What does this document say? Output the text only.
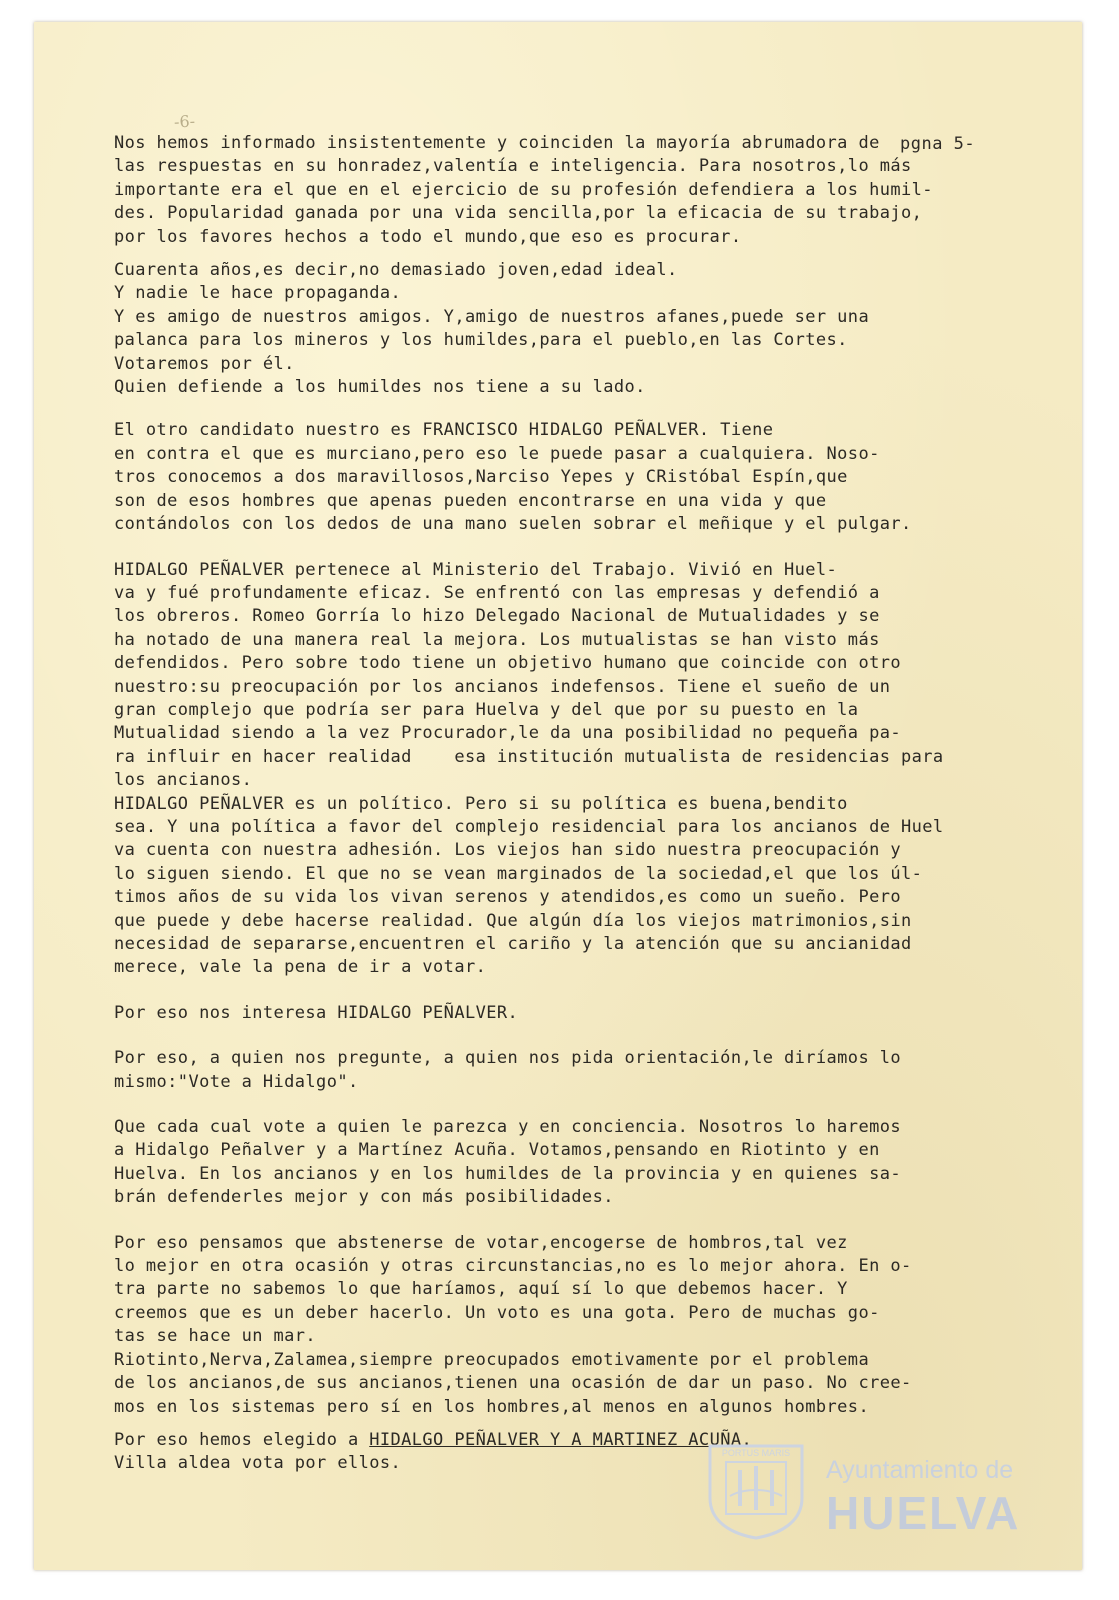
-6-
pgna 5-
Nos hemos informado insistentemente y coinciden la mayoría abrumadora de
las respuestas en su honradez,valentía e inteligencia. Para nosotros,lo más
importante era el que en el ejercicio de su profesión defendiera a los humil-
des. Popularidad ganada por una vida sencilla,por la eficacia de su trabajo,
por los favores hechos a todo el mundo,que eso es procurar.
Cuarenta años,es decir,no demasiado joven,edad ideal.
Y nadie le hace propaganda.
Y es amigo de nuestros amigos. Y,amigo de nuestros afanes,puede ser una
palanca para los mineros y los humildes,para el pueblo,en las Cortes.
Votaremos por él.
Quien defiende a los humildes nos tiene a su lado.
El otro candidato nuestro es FRANCISCO HIDALGO PEÑALVER. Tiene
en contra el que es murciano,pero eso le puede pasar a cualquiera. Noso-
tros conocemos a dos maravillosos,Narciso Yepes y CRistóbal Espín,que
son de esos hombres que apenas pueden encontrarse en una vida y que
contándolos con los dedos de una mano suelen sobrar el meñique y el pulgar.
HIDALGO PEÑALVER pertenece al Ministerio del Trabajo. Vivió en Huel-
va y fué profundamente eficaz. Se enfrentó con las empresas y defendió a
los obreros. Romeo Gorría lo hizo Delegado Nacional de Mutualidades y se
ha notado de una manera real la mejora. Los mutualistas se han visto más
defendidos. Pero sobre todo tiene un objetivo humano que coincide con otro
nuestro:su preocupación por los ancianos indefensos. Tiene el sueño de un
gran complejo que podría ser para Huelva y del que por su puesto en la
Mutualidad siendo a la vez Procurador,le da una posibilidad no pequeña pa-
ra influir en hacer realidad    esa institución mutualista de residencias para
los ancianos.
HIDALGO PEÑALVER es un político. Pero si su política es buena,bendito
sea. Y una política a favor del complejo residencial para los ancianos de Huel
va cuenta con nuestra adhesión. Los viejos han sido nuestra preocupación y
lo siguen siendo. El que no se vean marginados de la sociedad,el que los úl-
timos años de su vida los vivan serenos y atendidos,es como un sueño. Pero
que puede y debe hacerse realidad. Que algún día los viejos matrimonios,sin
necesidad de separarse,encuentren el cariño y la atención que su ancianidad
merece, vale la pena de ir a votar.
Por eso nos interesa HIDALGO PEÑALVER.
Por eso, a quien nos pregunte, a quien nos pida orientación,le diríamos lo
mismo:"Vote a Hidalgo".
Que cada cual vote a quien le parezca y en conciencia. Nosotros lo haremos
a Hidalgo Peñalver y a Martínez Acuña. Votamos,pensando en Riotinto y en
Huelva. En los ancianos y en los humildes de la provincia y en quienes sa-
brán defenderles mejor y con más posibilidades.
Por eso pensamos que abstenerse de votar,encogerse de hombros,tal vez
lo mejor en otra ocasión y otras circunstancias,no es lo mejor ahora. En o-
tra parte no sabemos lo que haríamos, aquí sí lo que debemos hacer. Y
creemos que es un deber hacerlo. Un voto es una gota. Pero de muchas go-
tas se hace un mar.
Riotinto,Nerva,Zalamea,siempre preocupados emotivamente por el problema
de los ancianos,de sus ancianos,tienen una ocasión de dar un paso. No cree-
mos en los sistemas pero sí en los hombres,al menos en algunos hombres.
Por eso hemos elegido a HIDALGO PEÑALVER Y A MARTINEZ ACUÑA.
Villa aldea vota por ellos.
PORTUS MARIS
Ayuntamiento de
HUELVA
